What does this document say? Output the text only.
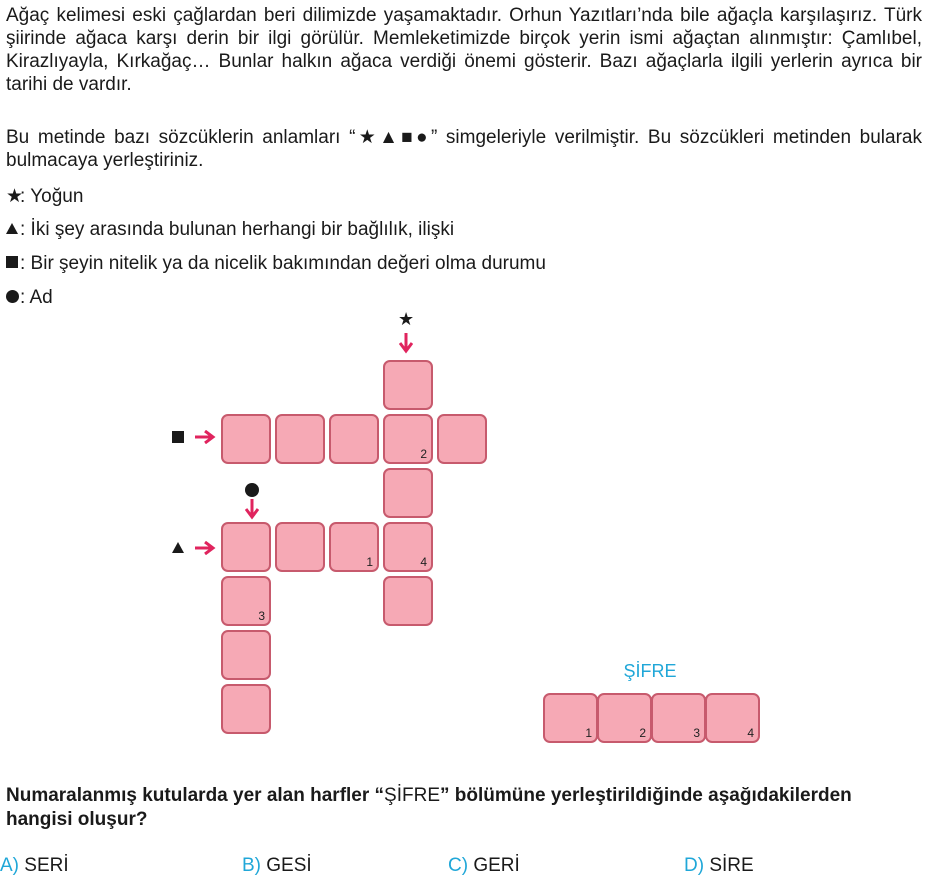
Ağaç kelimesi eski çağlardan beri dilimizde yaşamaktadır. Orhun Yazıtları’nda bile ağaçla karşılaşırız. Türk şiirinde ağaca karşı derin bir ilgi görülür. Memleketimizde birçok yerin ismi ağaçtan alınmıştır: Çamlıbel, Kirazlıyayla, Kırkağaç… Bunlar halkın ağaca verdiği önemi gösterir. Bazı ağaçlarla ilgili yerlerin ayrıca bir tarihi de vardır.

Bu metinde bazı sözcüklerin anlamları “★▲■●” simgeleriyle verilmiştir. Bu sözcükleri metinden bularak bulmacaya yerleştiriniz.

★: Yoğun
: İki şey arasında bulunan herhangi bir bağlılık, ilişki
: Bir şeyin nitelik ya da nicelik bakımından değeri olma durumu
: Ad
★
2
4
1
3
ŞİFRE
1	2	3	4
Numaralanmış kutularda yer alan harfler “ŞİFRE” bölümüne yerleştirildiğinde aşağıdakilerden hangisi oluşur?
A) SERİ	B) GESİ	C) GERİ	D) SİRE
